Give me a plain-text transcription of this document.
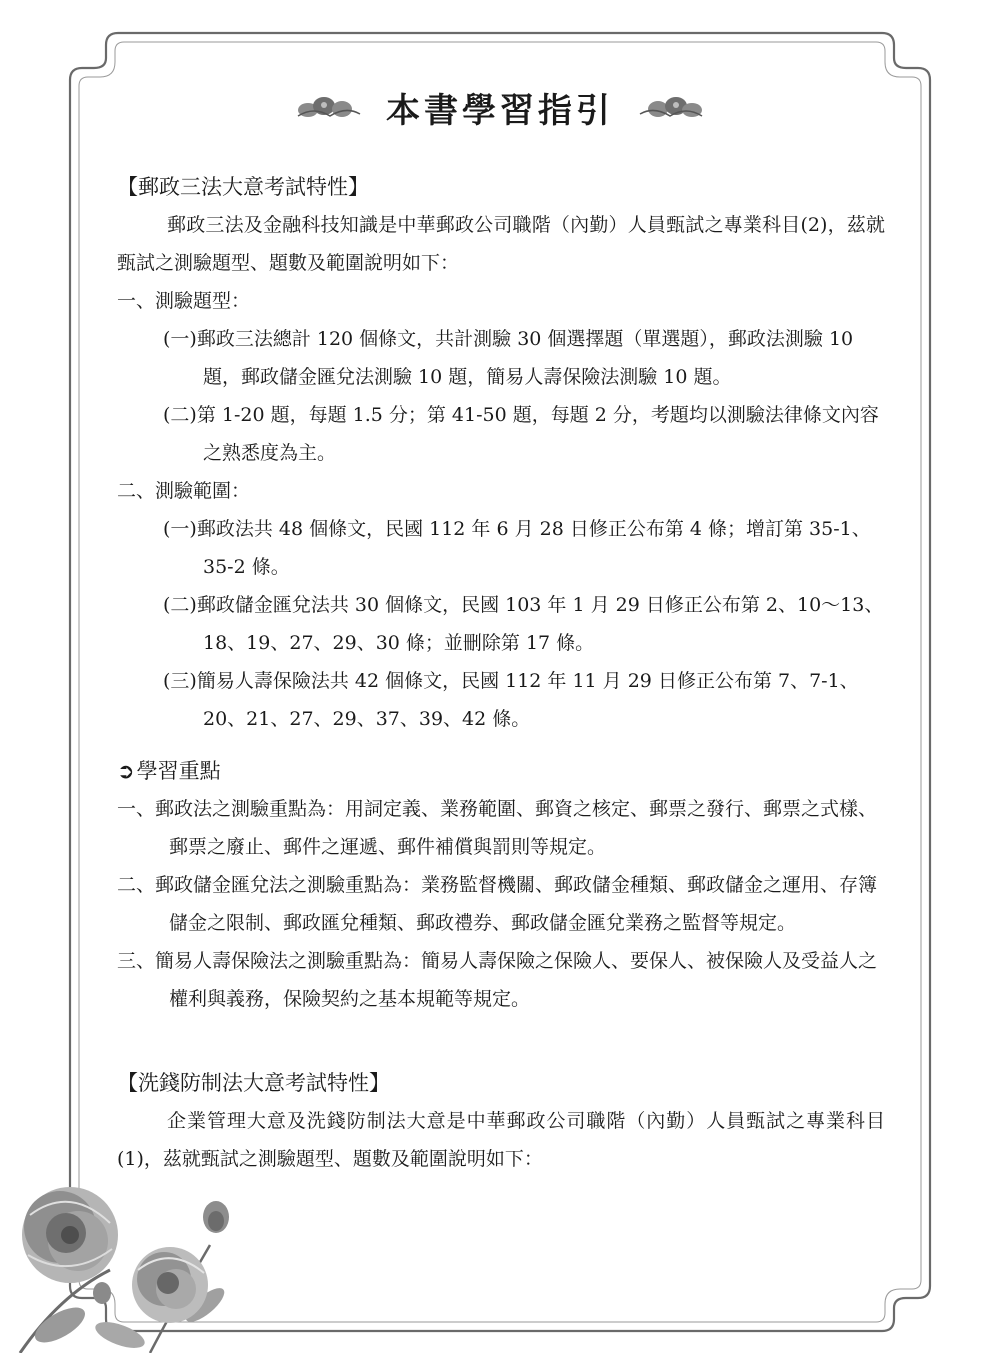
本書學習指引
【郵政三法大意考試特性】
郵政三法及金融科技知識是中華郵政公司職階（內勤）人員甄試之專業科目(2)，茲就甄試之測驗題型、題數及範圍說明如下：
一、測驗題型：
(一)郵政三法總計 120 個條文，共計測驗 30 個選擇題（單選題），郵政法測驗 10 題，郵政儲金匯兌法測驗 10 題，簡易人壽保險法測驗 10 題。
(二)第 1-20 題，每題 1.5 分；第 41-50 題，每題 2 分，考題均以測驗法律條文內容之熟悉度為主。
二、測驗範圍：
(一)郵政法共 48 個條文，民國 112 年 6 月 28 日修正公布第 4 條；增訂第 35-1、35-2 條。
(二)郵政儲金匯兌法共 30 個條文，民國 103 年 1 月 29 日修正公布第 2、10～13、18、19、27、29、30 條；並刪除第 17 條。
(三)簡易人壽保險法共 42 個條文，民國 112 年 11 月 29 日修正公布第 7、7-1、20、21、27、29、37、39、42 條。
➲學習重點
一、郵政法之測驗重點為：用詞定義、業務範圍、郵資之核定、郵票之發行、郵票之式樣、郵票之廢止、郵件之運遞、郵件補償與罰則等規定。
二、郵政儲金匯兌法之測驗重點為：業務監督機關、郵政儲金種類、郵政儲金之運用、存簿儲金之限制、郵政匯兌種類、郵政禮券、郵政儲金匯兌業務之監督等規定。
三、簡易人壽保險法之測驗重點為：簡易人壽保險之保險人、要保人、被保險人及受益人之權利與義務，保險契約之基本規範等規定。
【洗錢防制法大意考試特性】
企業管理大意及洗錢防制法大意是中華郵政公司職階（內勤）人員甄試之專業科目(1)，茲就甄試之測驗題型、題數及範圍說明如下：
